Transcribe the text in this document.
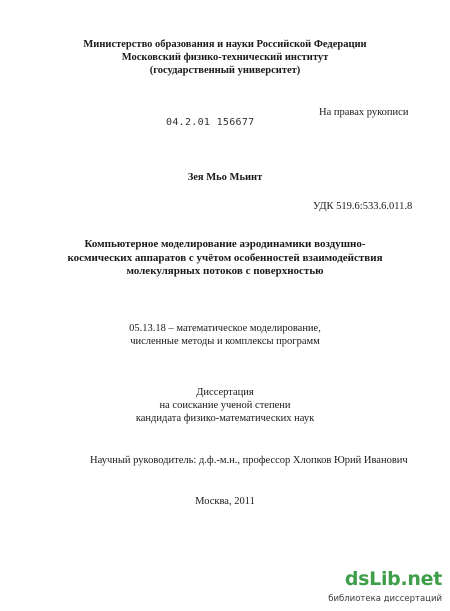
Министерство образования и науки Российской Федерации
Московский физико-технический институт
(государственный университет)
На правах рукописи
04.2.01 156677
Зея Мьо Мьинт
УДК 519.6:533.6.011.8
Компьютерное моделирование аэродинамики воздушно-
космических аппаратов с учётом особенностей взаимодействия
молекулярных потоков с поверхностью
05.13.18 – математическое моделирование,
численные методы и комплексы программ
Диссертация
на соискание ученой степени
кандидата физико-математических наук
Научный руководитель: д.ф.-м.н., профессор Хлопков Юрий Иванович
Москва, 2011
dsLib.net
библиотека диссертаций
